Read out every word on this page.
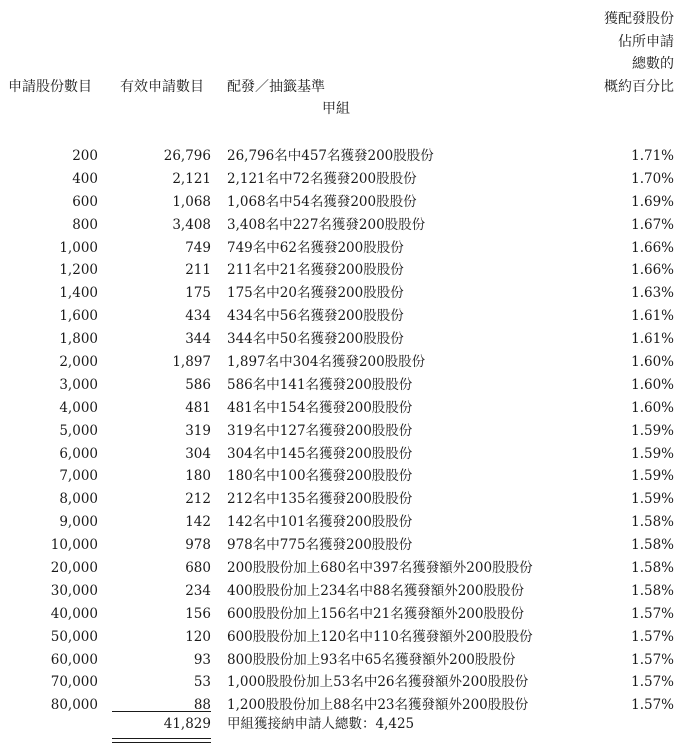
獲配發股份
佔所申請
總數的
概約百分比
申請股份數目 有效申請數目 配發／抽籤基準
甲組
200	26,796 26,796名中457名獲發200股股份	1.71%
400	2,121 2,121名中72名獲發200股股份	1.70%
600	1,068 1,068名中54名獲發200股股份	1.69%
800	3,408 3,408名中227名獲發200股股份	1.67%
1,000	749 749名中62名獲發200股股份	1.66%
1,200	211 211名中21名獲發200股股份	1.66%
1,400	175 175名中20名獲發200股股份	1.63%
1,600	434 434名中56名獲發200股股份	1.61%
1,800	344 344名中50名獲發200股股份	1.61%
2,000	1,897 1,897名中304名獲發200股股份	1.60%
3,000	586 586名中141名獲發200股股份	1.60%
4,000	481 481名中154名獲發200股股份	1.60%
5,000	319 319名中127名獲發200股股份	1.59%
6,000	304 304名中145名獲發200股股份	1.59%
7,000	180 180名中100名獲發200股股份	1.59%
8,000	212 212名中135名獲發200股股份	1.59%
9,000	142 142名中101名獲發200股股份	1.58%
10,000	978 978名中775名獲發200股股份	1.58%
20,000	680 200股股份加上680名中397名獲發額外200股股份	1.58%
30,000	234 400股股份加上234名中88名獲發額外200股股份	1.58%
40,000	156 600股股份加上156名中21名獲發額外200股股份	1.57%
50,000	120 600股股份加上120名中110名獲發額外200股股份	1.57%
60,000	93 800股股份加上93名中65名獲發額外200股股份	1.57%
70,000	53 1,000股股份加上53名中26名獲發額外200股股份	1.57%
80,000	88 1,200股股份加上88名中23名獲發額外200股股份	1.57%
41,829 甲組獲接納申請人總數：4,425
